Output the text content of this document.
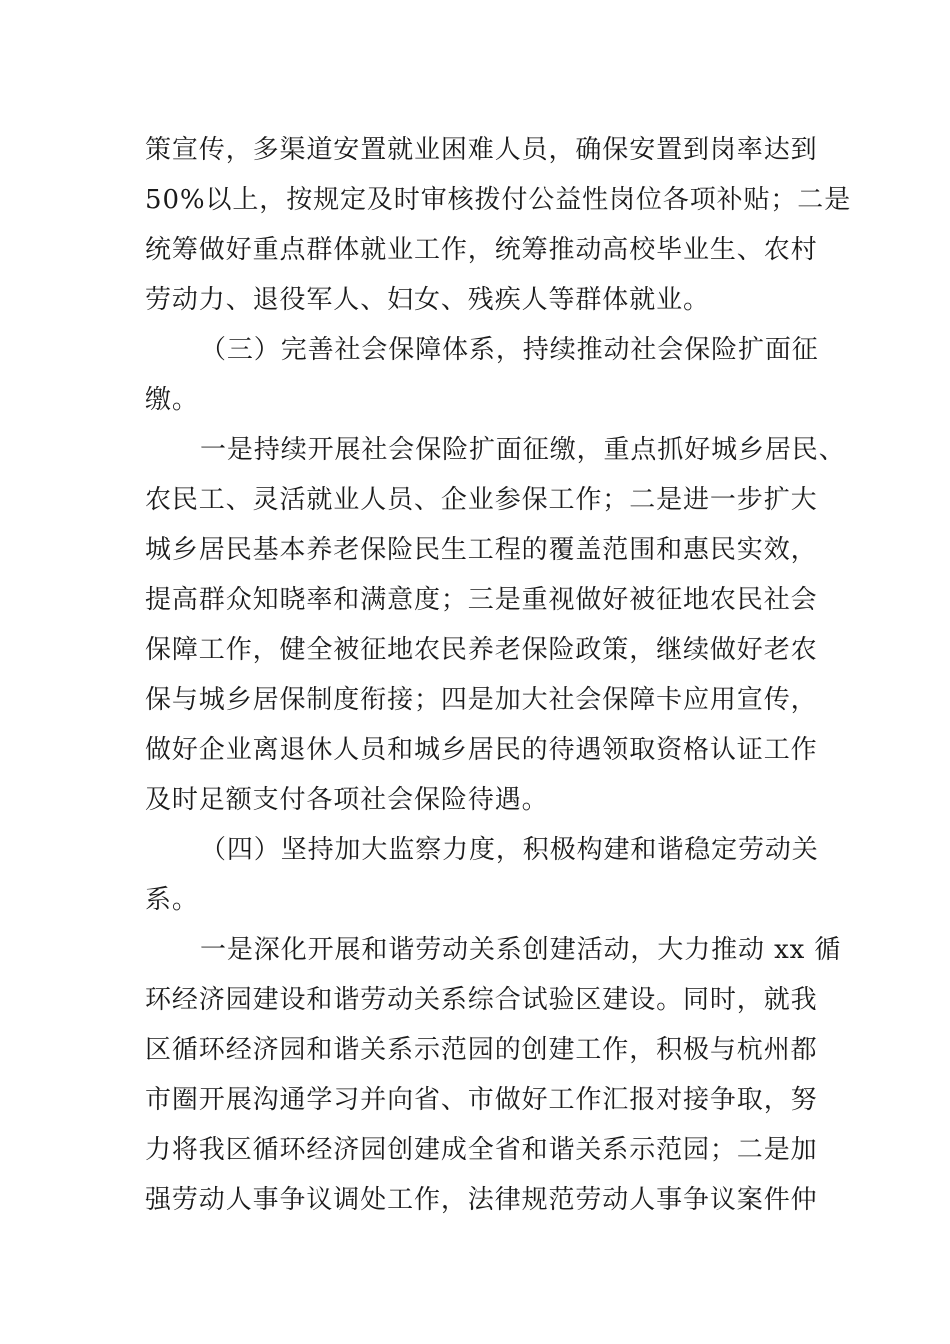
策宣传，多渠道安置就业困难人员，确保安置到岗率达到
50%以上，按规定及时审核拨付公益性岗位各项补贴；二是
统筹做好重点群体就业工作，统筹推动高校毕业生、农村
劳动力、退役军人、妇女、残疾人等群体就业。
（三）完善社会保障体系，持续推动社会保险扩面征
缴。
一是持续开展社会保险扩面征缴，重点抓好城乡居民、
农民工、灵活就业人员、企业参保工作；二是进一步扩大
城乡居民基本养老保险民生工程的覆盖范围和惠民实效，
提高群众知晓率和满意度；三是重视做好被征地农民社会
保障工作，健全被征地农民养老保险政策，继续做好老农
保与城乡居保制度衔接；四是加大社会保障卡应用宣传，
做好企业离退休人员和城乡居民的待遇领取资格认证工作
及时足额支付各项社会保险待遇。
（四）坚持加大监察力度，积极构建和谐稳定劳动关
系。
一是深化开展和谐劳动关系创建活动，大力推动 xx 循
环经济园建设和谐劳动关系综合试验区建设。同时，就我
区循环经济园和谐关系示范园的创建工作，积极与杭州都
市圈开展沟通学习并向省、市做好工作汇报对接争取，努
力将我区循环经济园创建成全省和谐关系示范园；二是加
强劳动人事争议调处工作，法律规范劳动人事争议案件仲
